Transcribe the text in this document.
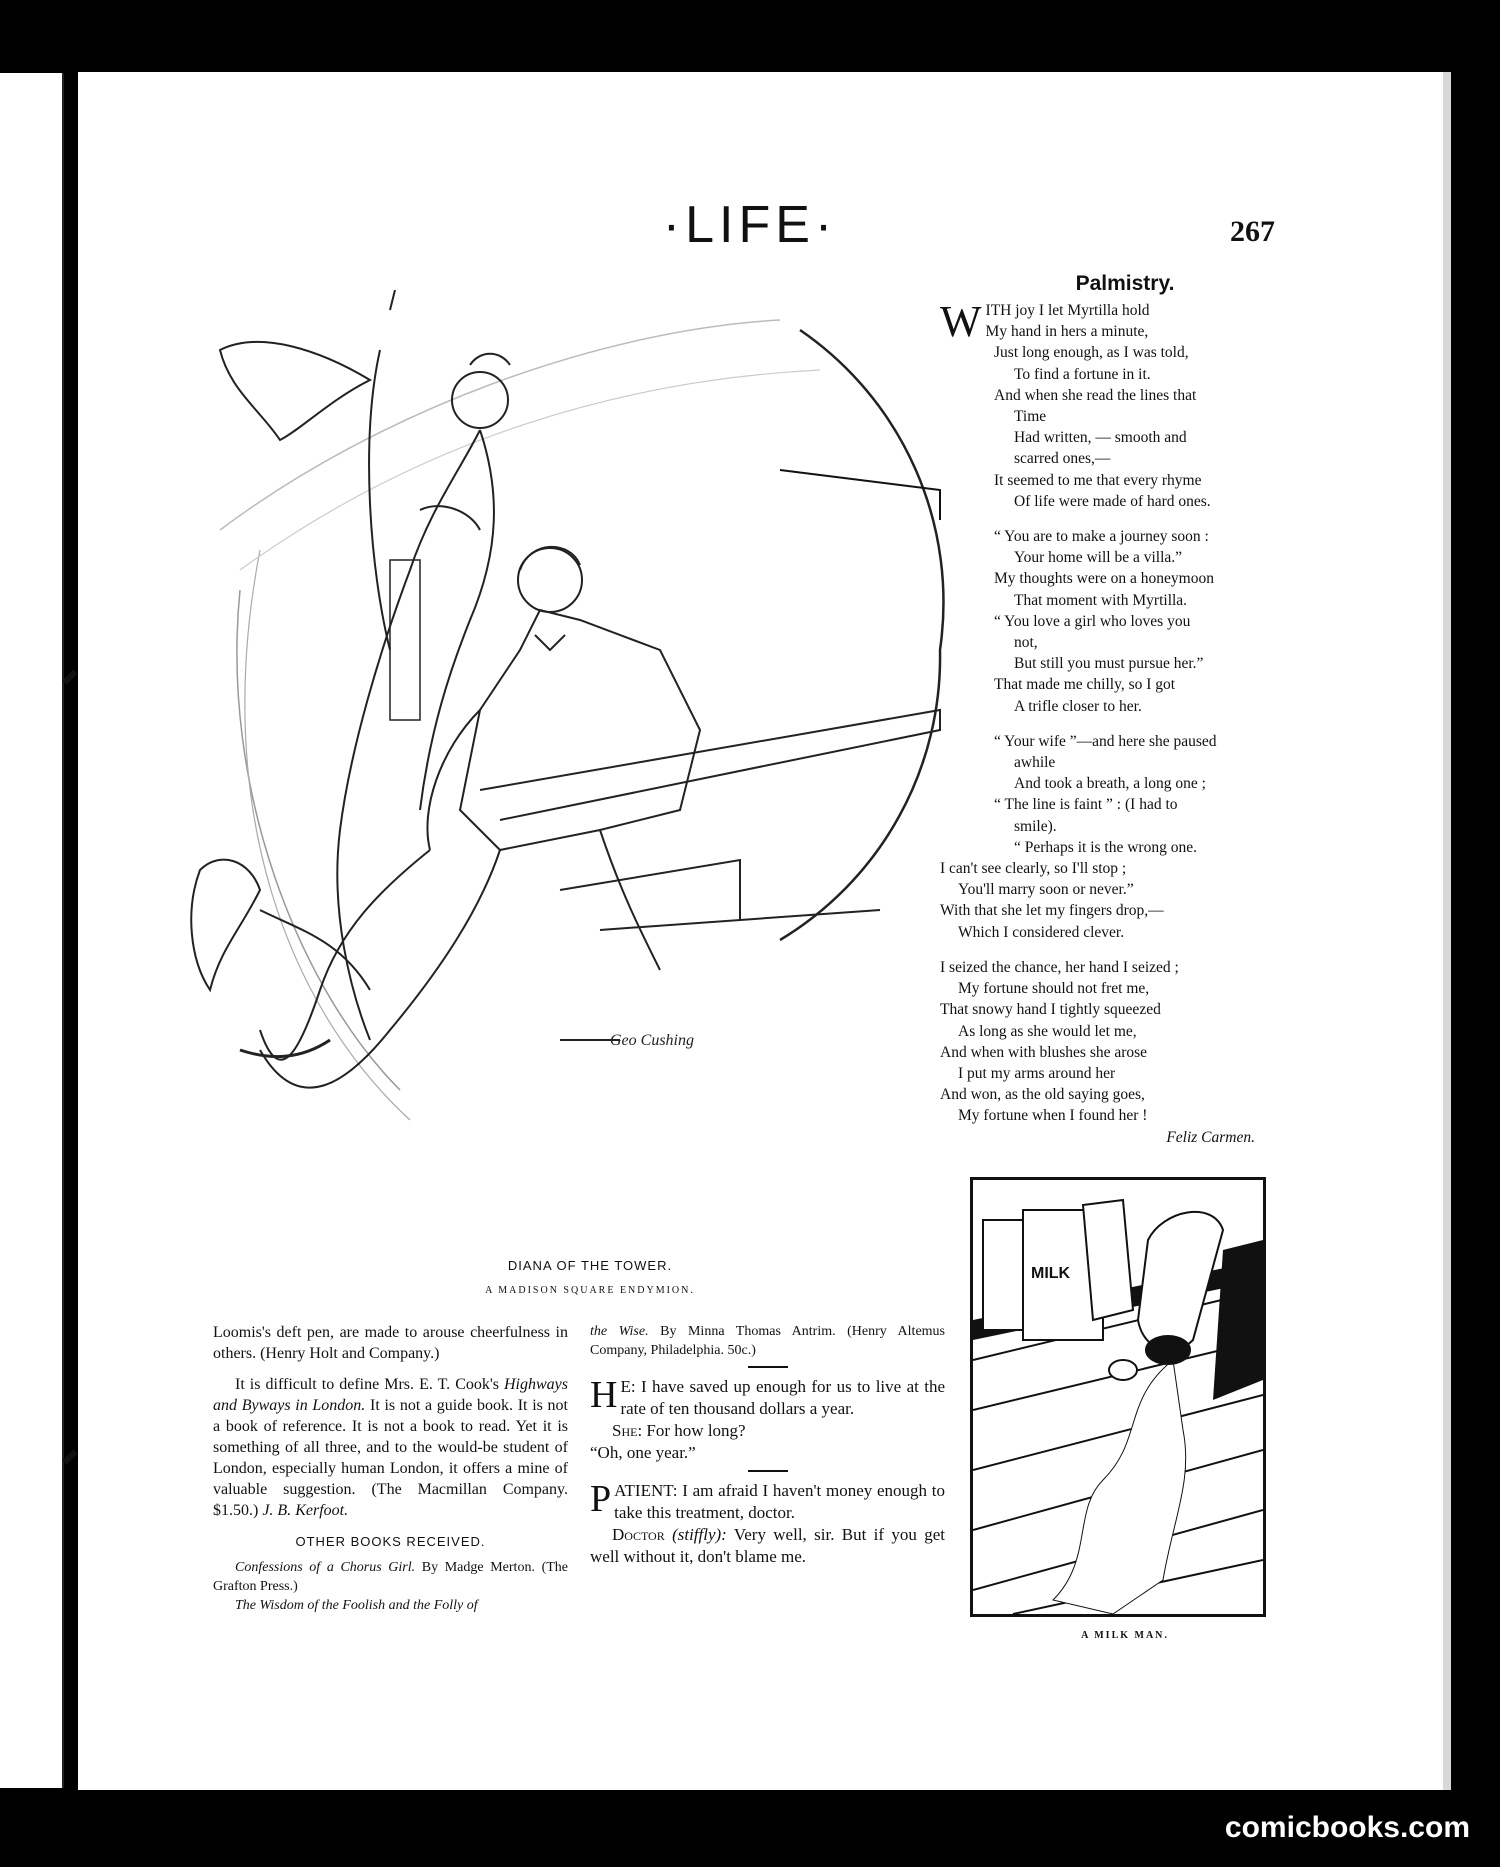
·LIFE·	267
Geo Cushing
DIANA OF THE TOWER.
A MADISON SQUARE ENDYMION.
Palmistry.
W ITH joy I let Myrtilla hold
My hand in hers a minute,
Just long enough, as I was told,
To find a fortune in it.
And when she read the lines that
Time
Had written, — smooth and
scarred ones,—
It seemed to me that every rhyme
Of life were made of hard ones.
“ You are to make a journey soon :
Your home will be a villa.”
My thoughts were on a honeymoon
That moment with Myrtilla.
“ You love a girl who loves you
not,
But still you must pursue her.”
That made me chilly, so I got
A trifle closer to her.
“ Your wife ”—and here she paused
awhile
And took a breath, a long one ;
“ The line is faint ” : (I had to
smile).
“ Perhaps it is the wrong one.
I can't see clearly, so I'll stop ;
You'll marry soon or never.”
With that she let my fingers drop,—
Which I considered clever.
I seized the chance, her hand I seized ;
My fortune should not fret me,
That snowy hand I tightly squeezed
As long as she would let me,
And when with blushes she arose
I put my arms around her
And won, as the old saying goes,
My fortune when I found her !
Feliz Carmen.
MILK
A MILK MAN.

Loomis's deft pen, are made to arouse cheerfulness in others. (Henry Holt and Company.)

It is difficult to define Mrs. E. T. Cook's Highways and Byways in London. It is not a guide book. It is not a book of reference. It is not a book to read. Yet it is something of all three, and to the would-be student of London, especially human London, it offers a mine of valuable suggestion. (The Macmillan Company. $1.50.) J. B. Kerfoot.

OTHER BOOKS RECEIVED.

Confessions of a Chorus Girl. By Madge Merton. (The Grafton Press.)

The Wisdom of the Foolish and the Folly of

the Wise. By Minna Thomas Antrim. (Henry Altemus Company, Philadelphia. 50c.)

H E: I have saved up enough for us to live at the rate of ten thousand dollars a year.
She: For how long?
“Oh, one year.”
PATIENT: I am afraid I haven't money enough to take this treatment, doctor.
Doctor (stiffly): Very well, sir. But if you get well without it, don't blame me.
comicbooks.com
